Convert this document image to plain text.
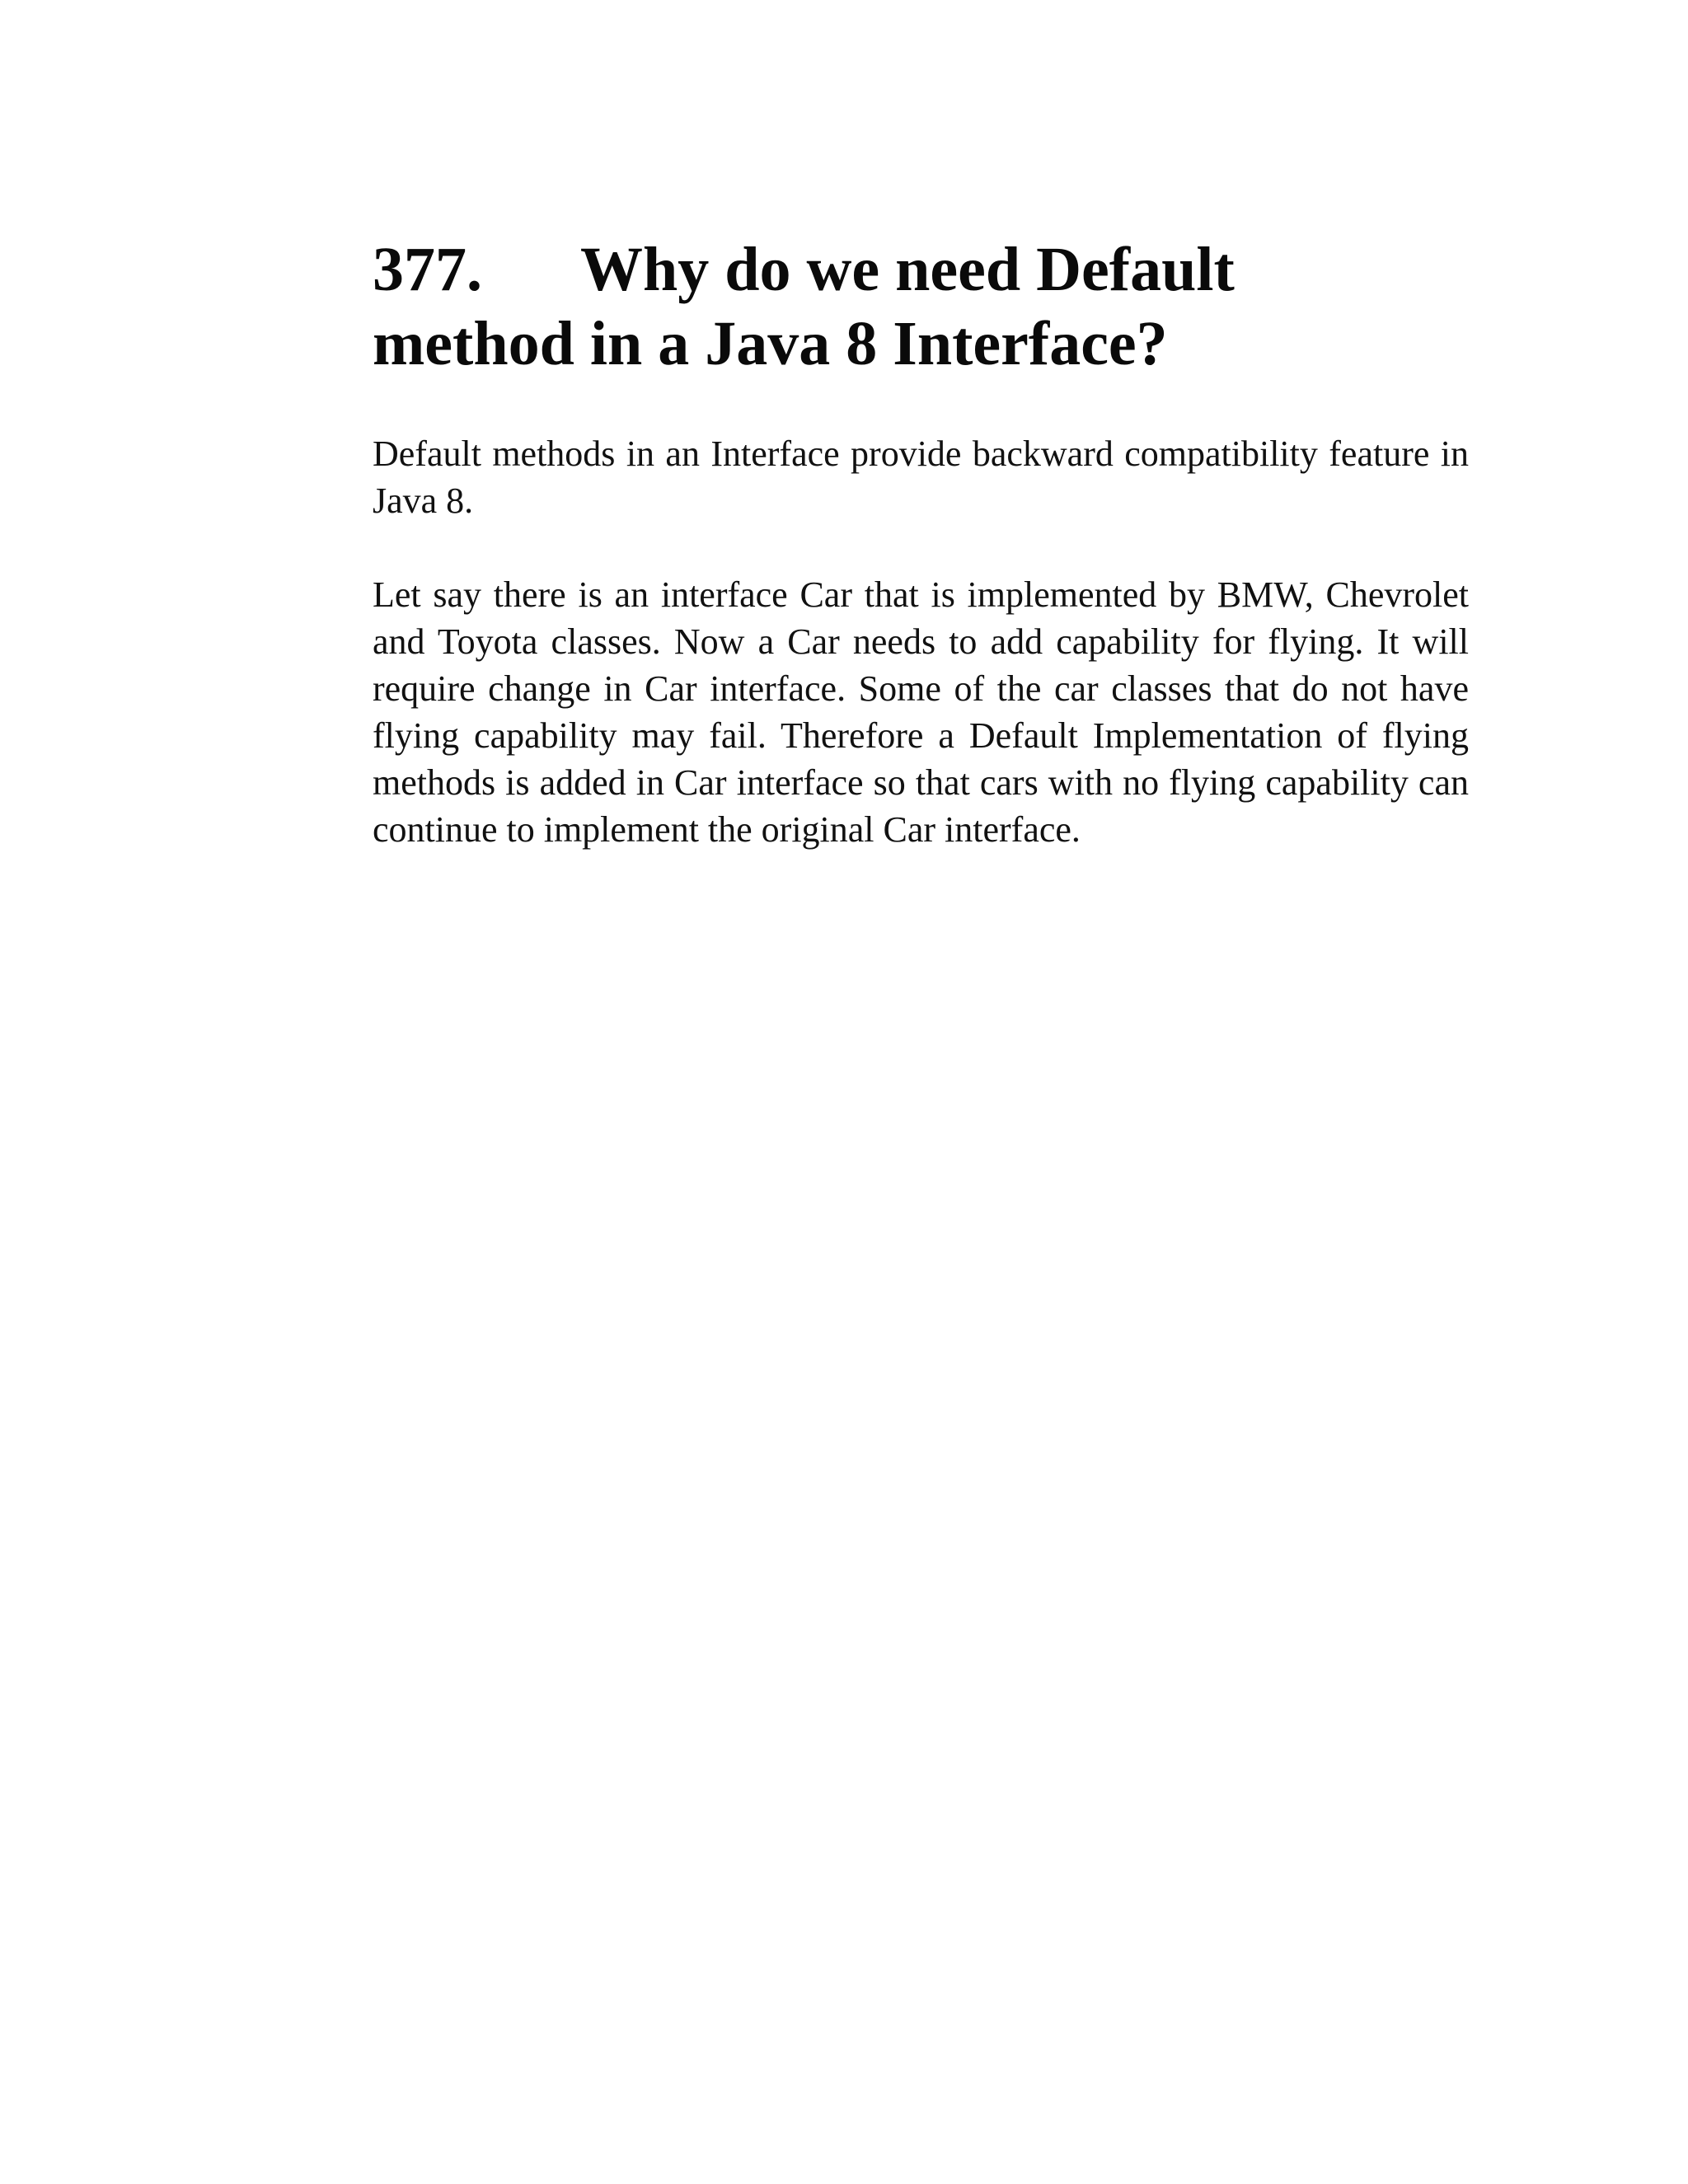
377. Why do we need Default
method in a Java 8 Interface?

Default methods in an Interface provide backward compatibility feature in Java 8.

Let say there is an interface Car that is implemented by BMW, Chevrolet and Toyota classes. Now a Car needs to add capability for flying. It will require change in Car interface. Some of the car classes that do not have flying capability may fail. Therefore a Default Implementation of flying methods is added in Car interface so that cars with no flying capability can continue to implement the original Car interface.
